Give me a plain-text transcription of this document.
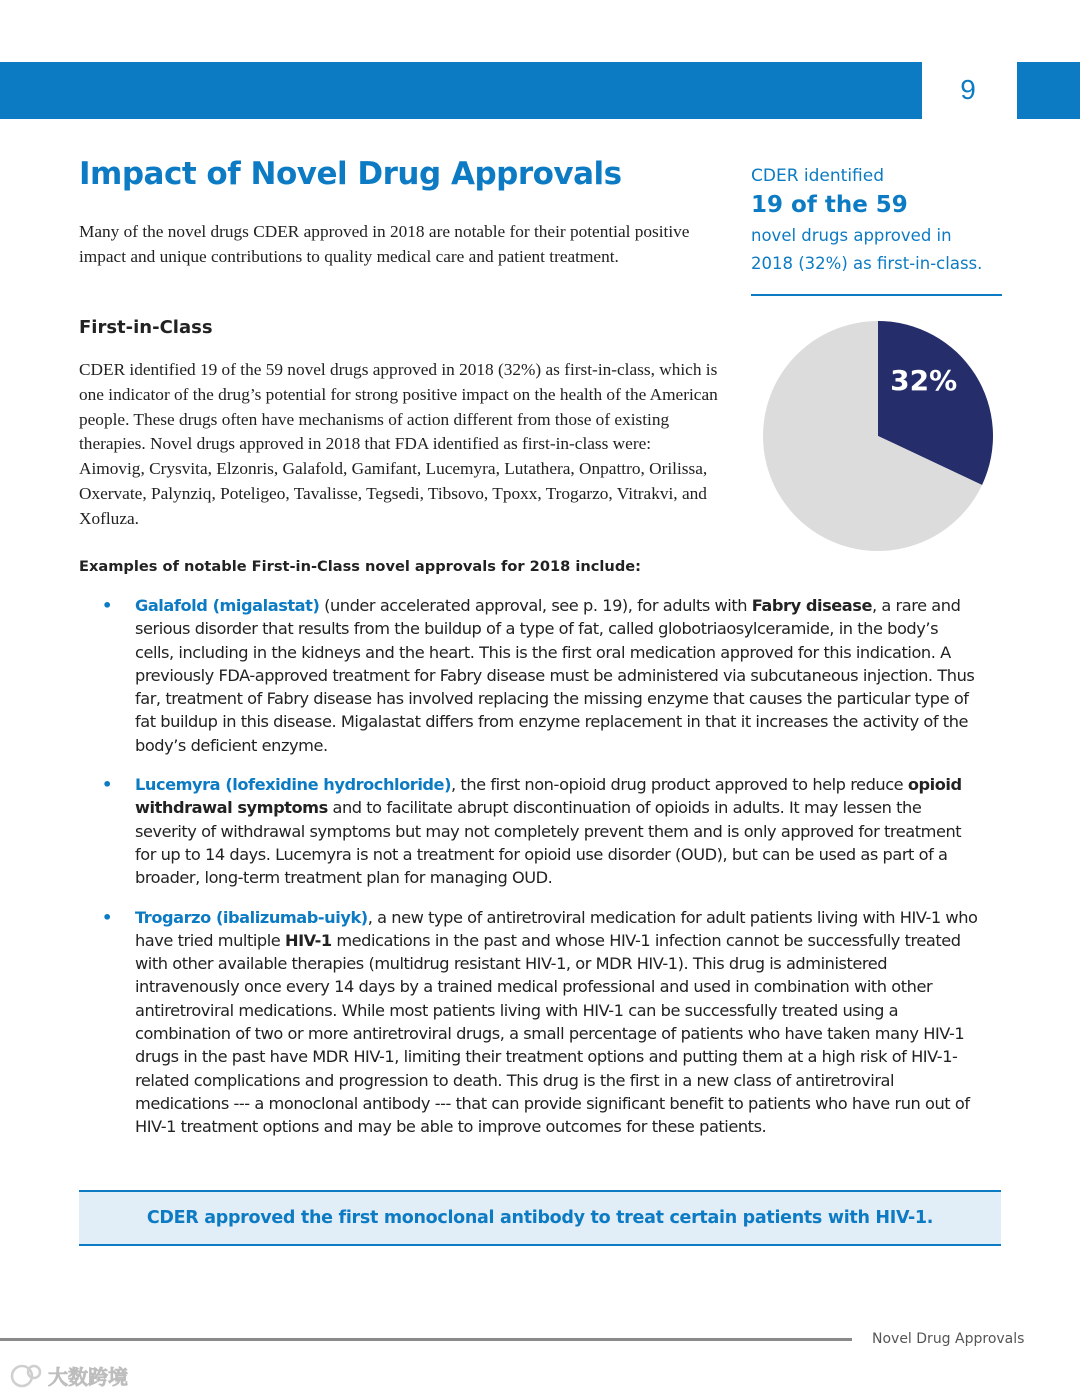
9
Impact of Novel Drug Approvals

Many of the novel drugs CDER approved in 2018 are notable for their potential positive impact and unique contributions to quality medical care and patient treatment.

First-in-Class

CDER identified 19 of the 59 novel drugs approved in 2018 (32%) as first-in-class, which is one indicator of the drug’s potential for strong positive impact on the health of the American people. These drugs often have mechanisms of action different from those of existing therapies. Novel drugs approved in 2018 that FDA identified as first-in-class were: Aimovig, Crysvita, Elzonris, Galafold, Gamifant, Lucemyra, Lutathera, Onpattro, Orilissa, Oxervate, Palynziq, Poteligeo, Tavalisse, Tegsedi, Tibsovo, Tpoxx, Trogarzo, Vitrakvi, and Xofluza.

CDER identified
19 of the 59
novel drugs approved in
2018 (32%) as first-in-class.
32%

Examples of notable First-in-Class novel approvals for 2018 include:

• Galafold (migalastat) (under accelerated approval, see p. 19), for adults with Fabry disease, a rare and serious disorder that results from the buildup of a type of fat, called globotriaosylceramide, in the body’s cells, including in the kidneys and the heart. This is the first oral medication approved for this indication. A previously FDA-approved treatment for Fabry disease must be administered via subcutaneous injection. Thus far, treatment of Fabry disease has involved replacing the missing enzyme that causes the particular type of fat buildup in this disease. Migalastat differs from enzyme replacement in that it increases the activity of the body’s deficient enzyme.
• Lucemyra (lofexidine hydrochloride), the first non-opioid drug product approved to help reduce opioid withdrawal symptoms and to facilitate abrupt discontinuation of opioids in adults. It may lessen the severity of withdrawal symptoms but may not completely prevent them and is only approved for treatment for up to 14 days. Lucemyra is not a treatment for opioid use disorder (OUD), but can be used as part of a broader, long-term treatment plan for managing OUD.
• Trogarzo (ibalizumab-uiyk), a new type of antiretroviral medication for adult patients living with HIV-1 who have tried multiple HIV-1 medications in the past and whose HIV-1 infection cannot be successfully treated with other available therapies (multidrug resistant HIV-1, or MDR HIV-1). This drug is administered intravenously once every 14 days by a trained medical professional and used in combination with other antiretroviral medications. While most patients living with HIV-1 can be successfully treated using a combination of two or more antiretroviral drugs, a small percentage of patients who have taken many HIV-1 drugs in the past have MDR HIV-1, limiting their treatment options and putting them at a high risk of HIV-1-related complications and progression to death. This drug is the first in a new class of antiretroviral medications --- a monoclonal antibody --- that can provide significant benefit to patients who have run out of HIV-1 treatment options and may be able to improve outcomes for these patients.
CDER approved the first monoclonal antibody to treat certain patients with HIV-1.
Novel Drug Approvals
大数跨境
